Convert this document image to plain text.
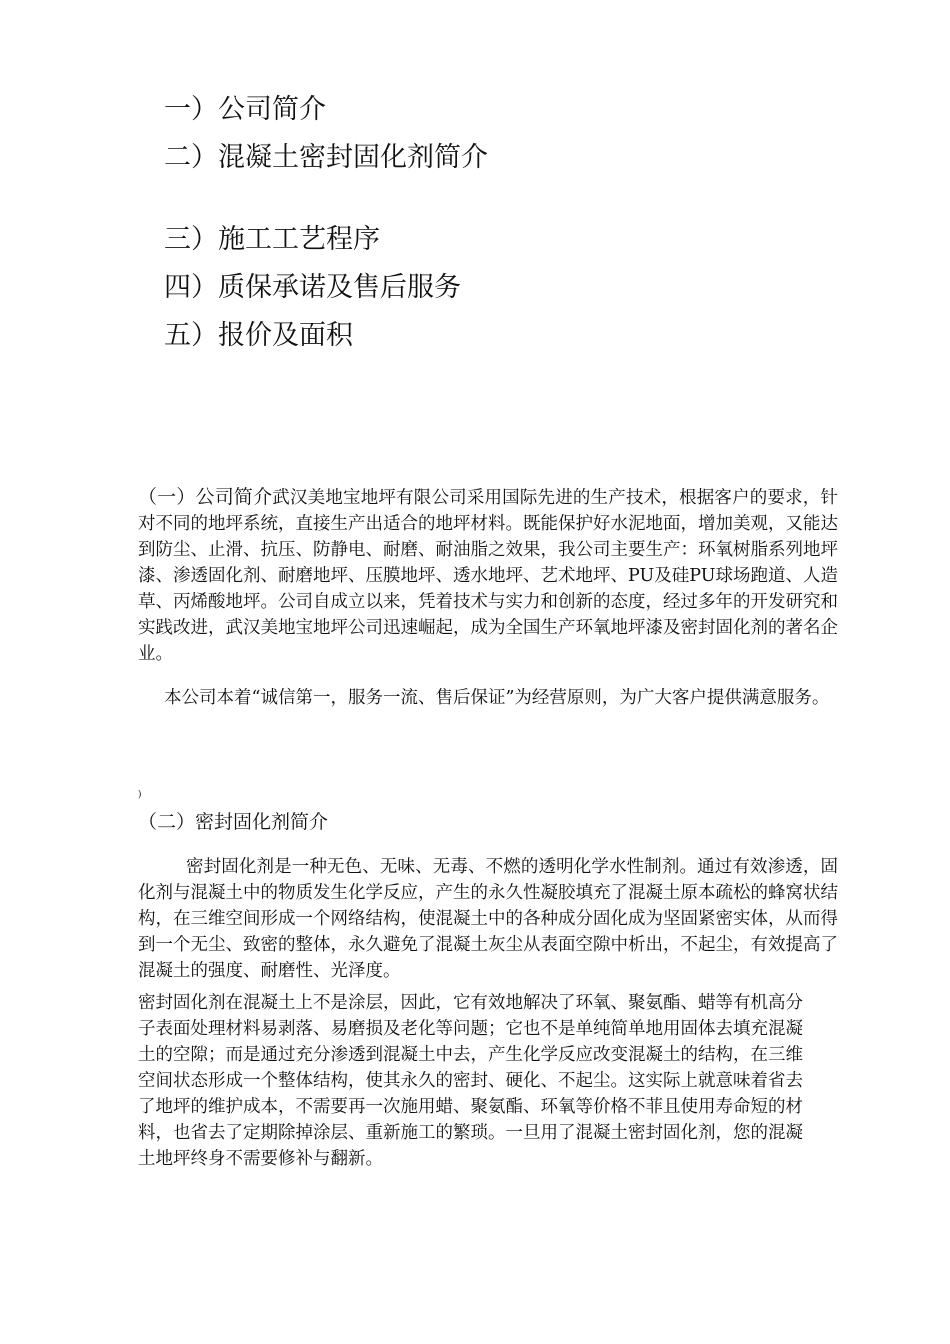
一）公司简介
二）混凝土密封固化剂简介
三）施工工艺程序
四）质保承诺及售后服务
五）报价及面积

（一）公司简介武汉美地宝地坪有限公司采用国际先进的生产技术，根据客户的要求，针对不同的地坪系统，直接生产出适合的地坪材料。既能保护好水泥地面，增加美观，又能达到防尘、止滑、抗压、防静电、耐磨、耐油脂之效果，我公司主要生产：环氧树脂系列地坪漆、渗透固化剂、耐磨地坪、压膜地坪、透水地坪、艺术地坪、PU及硅PU球场跑道、人造草、丙烯酸地坪。公司自成立以来，凭着技术与实力和创新的态度，经过多年的开发研究和实践改进，武汉美地宝地坪公司迅速崛起，成为全国生产环氧地坪漆及密封固化剂的著名企业。

本公司本着“诚信第一，服务一流、售后保证”为经营原则，为广大客户提供满意服务。

)
（二）密封固化剂简介

密封固化剂是一种无色、无味、无毒、不燃的透明化学水性制剂。通过有效渗透，固化剂与混凝土中的物质发生化学反应，产生的永久性凝胶填充了混凝土原本疏松的蜂窝状结构，在三维空间形成一个网络结构，使混凝土中的各种成分固化成为坚固紧密实体，从而得到一个无尘、致密的整体，永久避免了混凝土灰尘从表面空隙中析出，不起尘，有效提高了混凝土的强度、耐磨性、光泽度。

密封固化剂在混凝土上不是涂层，因此，它有效地解决了环氧、聚氨酯、蜡等有机高分子表面处理材料易剥落、易磨损及老化等问题；它也不是单纯简单地用固体去填充混凝土的空隙；而是通过充分渗透到混凝土中去，产生化学反应改变混凝土的结构，在三维空间状态形成一个整体结构，使其永久的密封、硬化、不起尘。这实际上就意味着省去了地坪的维护成本，不需要再一次施用蜡、聚氨酯、环氧等价格不菲且使用寿命短的材料，也省去了定期除掉涂层、重新施工的繁琐。一旦用了混凝土密封固化剂，您的混凝土地坪终身不需要修补与翻新。
